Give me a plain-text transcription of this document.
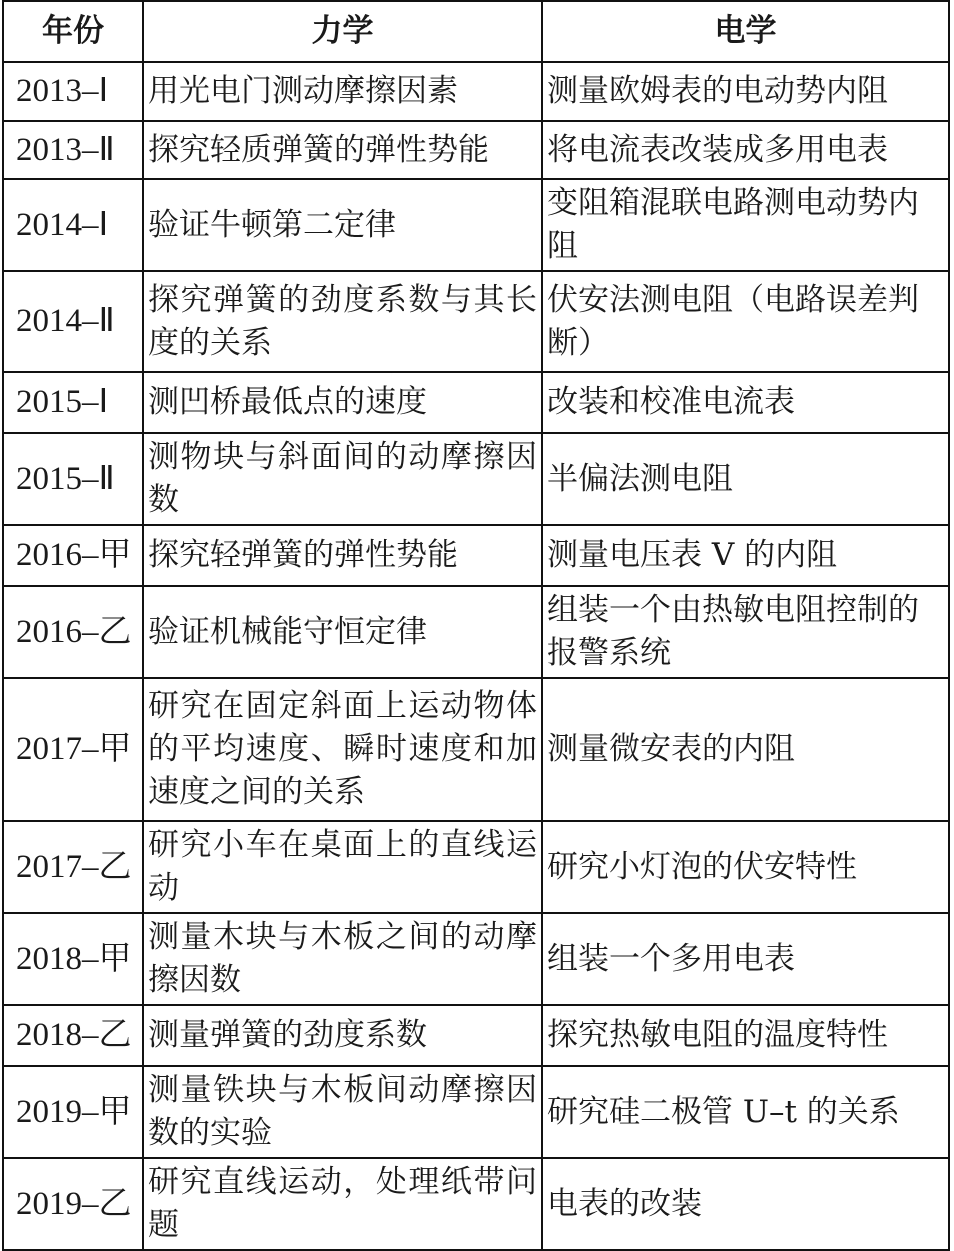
年份	力学	电学
2013–Ⅰ	用光电门测动摩擦因素	测量欧姆表的电动势内阻
2013–Ⅱ	探究轻质弹簧的弹性势能	将电流表改装成多用电表
2014–Ⅰ	验证牛顿第二定律	变阻箱混联电路测电动势内阻
2014–Ⅱ	探究弹簧的劲度系数与其长度的关系	伏安法测电阻（电路误差判断）
2015–Ⅰ	测凹桥最低点的速度	改装和校准电流表
2015–Ⅱ	测物块与斜面间的动摩擦因数	半偏法测电阻
2016–甲	探究轻弹簧的弹性势能	测量电压表 V 的内阻
2016–乙	验证机械能守恒定律	组装一个由热敏电阻控制的报警系统
2017–甲	研究在固定斜面上运动物体的平均速度、瞬时速度和加速度之间的关系	测量微安表的内阻
2017–乙	研究小车在桌面上的直线运动	研究小灯泡的伏安特性
2018–甲	测量木块与木板之间的动摩擦因数	组装一个多用电表
2018–乙	测量弹簧的劲度系数	探究热敏电阻的温度特性
2019–甲	测量铁块与木板间动摩擦因数的实验	研究硅二极管 U–t 的关系
2019–乙	研究直线运动，处理纸带问题	电表的改装
